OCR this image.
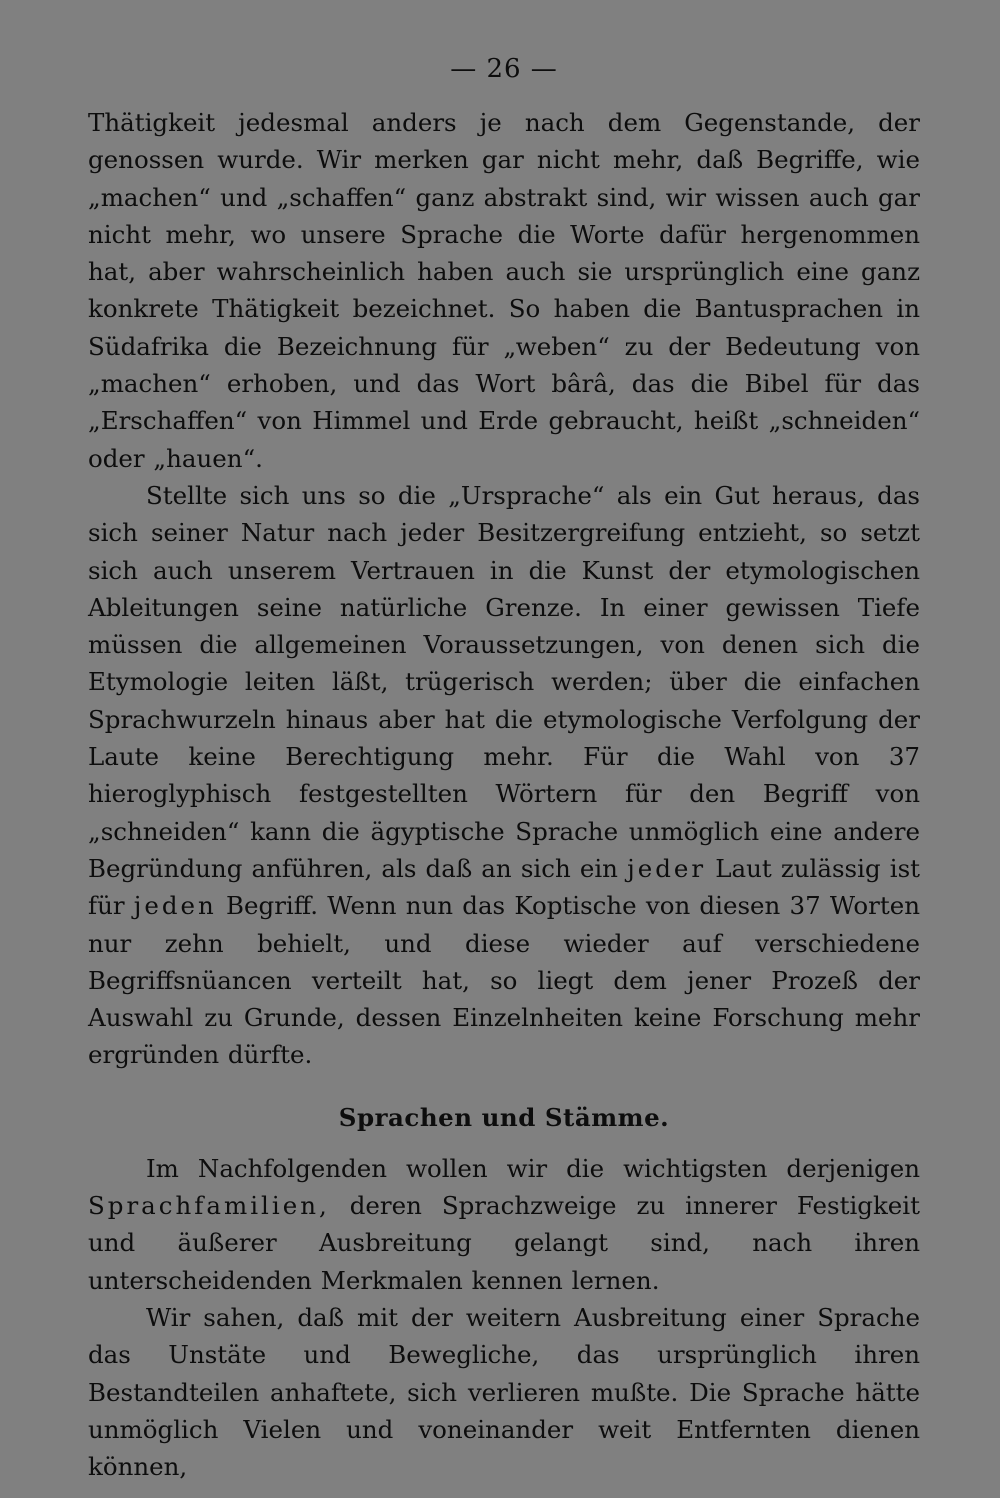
— 26 —

Thätigkeit jedesmal anders je nach dem Gegenstande, der genossen wurde. Wir merken gar nicht mehr, daß Begriffe, wie „machen“ und „schaffen“ ganz abstrakt sind, wir wissen auch gar nicht mehr, wo unsere Sprache die Worte dafür hergenommen hat, aber wahrscheinlich haben auch sie ursprünglich eine ganz konkrete Thätigkeit bezeichnet. So haben die Bantusprachen in Südafrika die Bezeichnung für „weben“ zu der Bedeutung von „machen“ erhoben, und das Wort bârâ, das die Bibel für das „Erschaffen“ von Himmel und Erde gebraucht, heißt „schneiden“ oder „hauen“.

Stellte sich uns so die „Ursprache“ als ein Gut heraus, das sich seiner Natur nach jeder Besitzergreifung entzieht, so setzt sich auch unserem Vertrauen in die Kunst der etymologischen Ableitungen seine natürliche Grenze. In einer gewissen Tiefe müssen die allgemeinen Voraussetzungen, von denen sich die Etymologie leiten läßt, trügerisch werden; über die einfachen Sprachwurzeln hinaus aber hat die etymologische Verfolgung der Laute keine Berechtigung mehr. Für die Wahl von 37 hieroglyphisch festgestellten Wörtern für den Begriff von „schneiden“ kann die ägyptische Sprache unmöglich eine andere Begründung anführen, als daß an sich ein jeder Laut zulässig ist für jeden Begriff. Wenn nun das Koptische von diesen 37 Worten nur zehn behielt, und diese wieder auf verschiedene Begriffsnüancen verteilt hat, so liegt dem jener Prozeß der Auswahl zu Grunde, dessen Einzelnheiten keine Forschung mehr ergründen dürfte.

Sprachen und Stämme.

Im Nachfolgenden wollen wir die wichtigsten derjenigen Sprachfamilien, deren Sprachzweige zu innerer Festigkeit und äußerer Ausbreitung gelangt sind, nach ihren unterscheidenden Merkmalen kennen lernen.

Wir sahen, daß mit der weitern Ausbreitung einer Sprache das Unstäte und Bewegliche, das ursprünglich ihren Bestandteilen anhaftete, sich verlieren mußte. Die Sprache hätte unmöglich Vielen und voneinander weit Entfernten dienen können,
